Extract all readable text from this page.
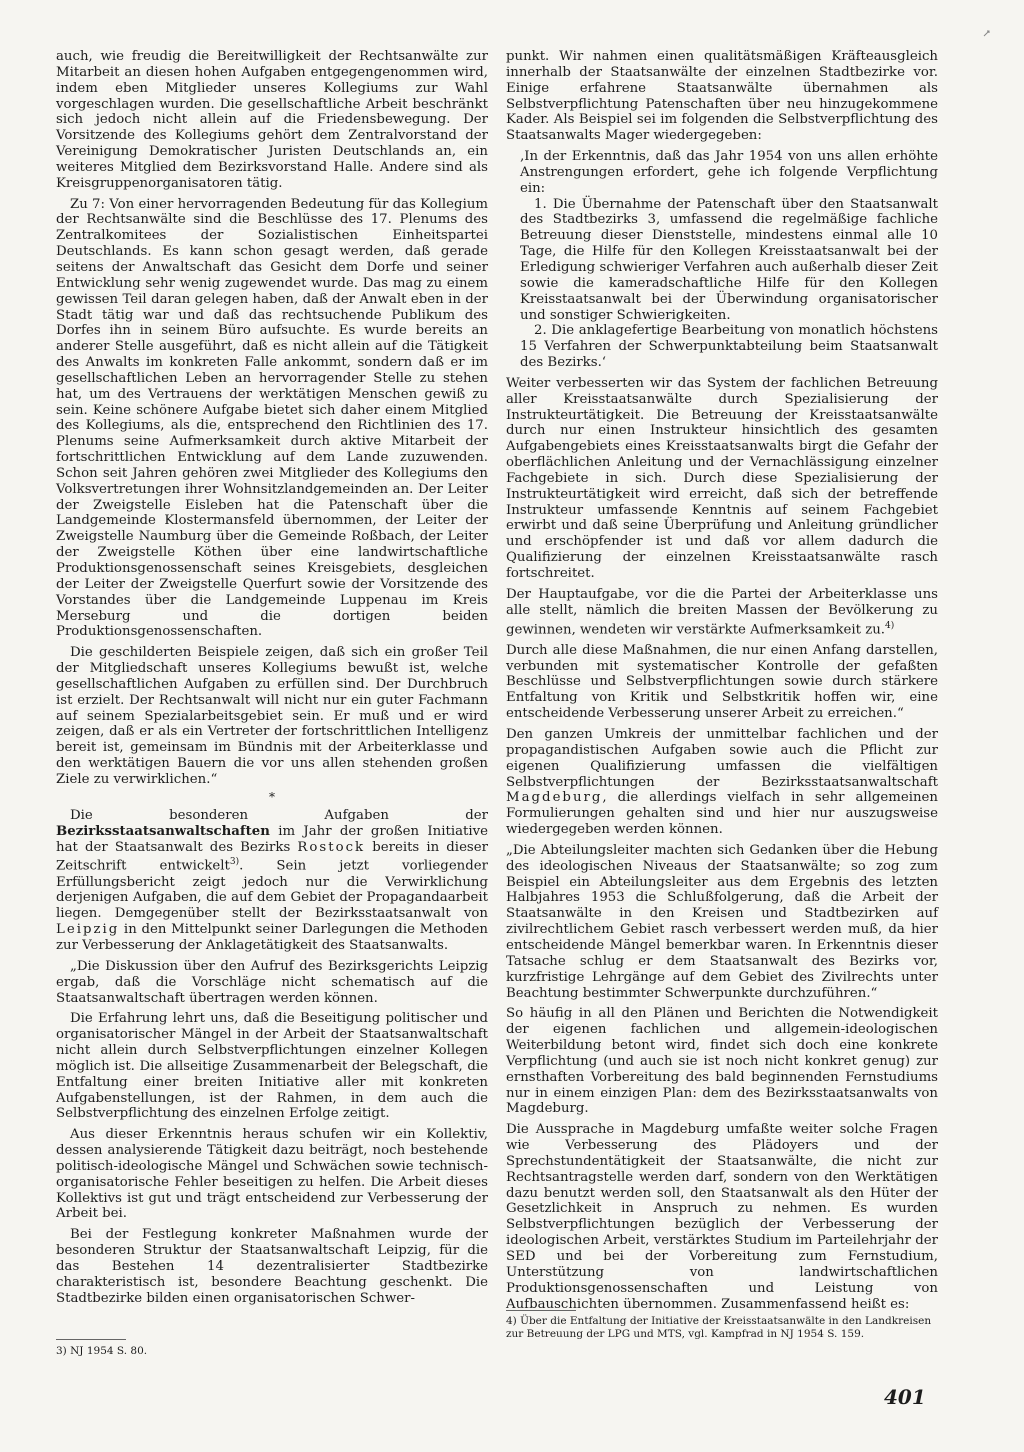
auch, wie freudig die Bereitwilligkeit der Rechtsanwälte zur Mitarbeit an diesen hohen Aufgaben entgegengenommen wird, indem eben Mitglieder unseres Kollegiums zur Wahl vorgeschlagen wurden. Die gesellschaftliche Arbeit beschränkt sich jedoch nicht allein auf die Friedensbewegung. Der Vorsitzende des Kollegiums gehört dem Zentralvorstand der Vereinigung Demokratischer Juristen Deutschlands an, ein weiteres Mitglied dem Bezirksvorstand Halle. Andere sind als Kreisgruppenorganisatoren tätig.

Zu 7: Von einer hervorragenden Bedeutung für das Kollegium der Rechtsanwälte sind die Beschlüsse des 17. Plenums des Zentralkomitees der Sozialistischen Einheitspartei Deutschlands. Es kann schon gesagt werden, daß gerade seitens der Anwaltschaft das Gesicht dem Dorfe und seiner Entwicklung sehr wenig zugewendet wurde. Das mag zu einem gewissen Teil daran gelegen haben, daß der Anwalt eben in der Stadt tätig war und daß das rechtsuchende Publikum des Dorfes ihn in seinem Büro aufsuchte. Es wurde bereits an anderer Stelle ausgeführt, daß es nicht allein auf die Tätigkeit des Anwalts im konkreten Falle ankommt, sondern daß er im gesellschaftlichen Leben an hervorragender Stelle zu stehen hat, um des Vertrauens der werktätigen Menschen gewiß zu sein. Keine schönere Aufgabe bietet sich daher einem Mitglied des Kollegiums, als die, entsprechend den Richtlinien des 17. Plenums seine Aufmerksamkeit durch aktive Mitarbeit der fortschrittlichen Entwicklung auf dem Lande zuzuwenden. Schon seit Jahren gehören zwei Mitglieder des Kollegiums den Volksvertretungen ihrer Wohnsitzlandgemeinden an. Der Leiter der Zweigstelle Eisleben hat die Patenschaft über die Landgemeinde Klostermansfeld übernommen, der Leiter der Zweigstelle Naumburg über die Gemeinde Roßbach, der Leiter der Zweigstelle Köthen über eine landwirtschaftliche Produktionsgenossenschaft seines Kreisgebiets, desgleichen der Leiter der Zweigstelle Querfurt sowie der Vorsitzende des Vorstandes über die Landgemeinde Luppenau im Kreis Merseburg und die dortigen beiden Produktionsgenossenschaften.

Die geschilderten Beispiele zeigen, daß sich ein großer Teil der Mitgliedschaft unseres Kollegiums bewußt ist, welche gesellschaftlichen Aufgaben zu erfüllen sind. Der Durchbruch ist erzielt. Der Rechtsanwalt will nicht nur ein guter Fachmann auf seinem Spezialarbeitsgebiet sein. Er muß und er wird zeigen, daß er als ein Vertreter der fortschrittlichen Intelligenz bereit ist, gemeinsam im Bündnis mit der Arbeiterklasse und den werktätigen Bauern die vor uns allen stehenden großen Ziele zu verwirklichen.“

*

Die besonderen Aufgaben der Bezirksstaatsanwaltschaften im Jahr der großen Initiative hat der Staatsanwalt des Bezirks Rostock bereits in dieser Zeitschrift entwickelt$^{3)}$. Sein jetzt vorliegender Erfüllungsbericht zeigt jedoch nur die Verwirklichung derjenigen Aufgaben, die auf dem Gebiet der Propagandaarbeit liegen. Demgegenüber stellt der Bezirksstaatsanwalt von Leipzig in den Mittelpunkt seiner Darlegungen die Methoden zur Verbesserung der Anklagetätigkeit des Staatsanwalts.

„Die Diskussion über den Aufruf des Bezirksgerichts Leipzig ergab, daß die Vorschläge nicht schematisch auf die Staatsanwaltschaft übertragen werden können.

Die Erfahrung lehrt uns, daß die Beseitigung politischer und organisatorischer Mängel in der Arbeit der Staatsanwaltschaft nicht allein durch Selbstverpflichtungen einzelner Kollegen möglich ist. Die allseitige Zusammenarbeit der Belegschaft, die Entfaltung einer breiten Initiative aller mit konkreten Aufgabenstellungen, ist der Rahmen, in dem auch die Selbstverpflichtung des einzelnen Erfolge zeitigt.

Aus dieser Erkenntnis heraus schufen wir ein Kollektiv, dessen analysierende Tätigkeit dazu beiträgt, noch bestehende politisch-ideologische Mängel und Schwächen sowie technisch-organisatorische Fehler beseitigen zu helfen. Die Arbeit dieses Kollektivs ist gut und trägt entscheidend zur Verbesserung der Arbeit bei.

Bei der Festlegung konkreter Maßnahmen wurde der besonderen Struktur der Staatsanwaltschaft Leipzig, für die das Bestehen 14 dezentralisierter Stadtbezirke charakteristisch ist, besondere Beachtung geschenkt. Die Stadtbezirke bilden einen organisatorischen Schwer-

3) NJ 1954 S. 80.

punkt. Wir nahmen einen qualitätsmäßigen Kräfteausgleich innerhalb der Staatsanwälte der einzelnen Stadtbezirke vor. Einige erfahrene Staatsanwälte übernahmen als Selbstverpflichtung Patenschaften über neu hinzugekommene Kader. Als Beispiel sei im folgenden die Selbstverpflichtung des Staatsanwalts Mager wiedergegeben:

‚In der Erkenntnis, daß das Jahr 1954 von uns allen erhöhte Anstrengungen erfordert, gehe ich folgende Verpflichtung ein:

1. Die Übernahme der Patenschaft über den Staatsanwalt des Stadtbezirks 3, umfassend die regelmäßige fachliche Betreuung dieser Dienststelle, mindestens einmal alle 10 Tage, die Hilfe für den Kollegen Kreisstaatsanwalt bei der Erledigung schwieriger Verfahren auch außerhalb dieser Zeit sowie die kameradschaftliche Hilfe für den Kollegen Kreisstaatsanwalt bei der Überwindung organisatorischer und sonstiger Schwierigkeiten.

2. Die anklagefertige Bearbeitung von monatlich höchstens 15 Verfahren der Schwerpunktabteilung beim Staatsanwalt des Bezirks.‘

Weiter verbesserten wir das System der fachlichen Betreuung aller Kreisstaatsanwälte durch Spezialisierung der Instrukteurtätigkeit. Die Betreuung der Kreisstaatsanwälte durch nur einen Instrukteur hinsichtlich des gesamten Aufgabengebiets eines Kreisstaatsanwalts birgt die Gefahr der oberflächlichen Anleitung und der Vernachlässigung einzelner Fachgebiete in sich. Durch diese Spezialisierung der Instrukteurtätigkeit wird erreicht, daß sich der betreffende Instrukteur umfassende Kenntnis auf seinem Fachgebiet erwirbt und daß seine Überprüfung und Anleitung gründlicher und erschöpfender ist und daß vor allem dadurch die Qualifizierung der einzelnen Kreisstaatsanwälte rasch fortschreitet.

Der Hauptaufgabe, vor die die Partei der Arbeiterklasse uns alle stellt, nämlich die breiten Massen der Bevölkerung zu gewinnen, wendeten wir verstärkte Aufmerksamkeit zu.$^{4)}$

Durch alle diese Maßnahmen, die nur einen Anfang darstellen, verbunden mit systematischer Kontrolle der gefaßten Beschlüsse und Selbstverpflichtungen sowie durch stärkere Entfaltung von Kritik und Selbstkritik hoffen wir, eine entscheidende Verbesserung unserer Arbeit zu erreichen.“

Den ganzen Umkreis der unmittelbar fachlichen und der propagandistischen Aufgaben sowie auch die Pflicht zur eigenen Qualifizierung umfassen die vielfältigen Selbstverpflichtungen der Bezirksstaatsanwaltschaft Magdeburg, die allerdings vielfach in sehr allgemeinen Formulierungen gehalten sind und hier nur auszugsweise wiedergegeben werden können.

„Die Abteilungsleiter machten sich Gedanken über die Hebung des ideologischen Niveaus der Staatsanwälte; so zog zum Beispiel ein Abteilungsleiter aus dem Ergebnis des letzten Halbjahres 1953 die Schlußfolgerung, daß die Arbeit der Staatsanwälte in den Kreisen und Stadtbezirken auf zivilrechtlichem Gebiet rasch verbessert werden muß, da hier entscheidende Mängel bemerkbar waren. In Erkenntnis dieser Tatsache schlug er dem Staatsanwalt des Bezirks vor, kurzfristige Lehrgänge auf dem Gebiet des Zivilrechts unter Beachtung bestimmter Schwerpunkte durchzuführen.“

So häufig in all den Plänen und Berichten die Notwendigkeit der eigenen fachlichen und allgemein-ideologischen Weiterbildung betont wird, findet sich doch eine konkrete Verpflichtung (und auch sie ist noch nicht konkret genug) zur ernsthaften Vorbereitung des bald beginnenden Fernstudiums nur in einem einzigen Plan: dem des Bezirksstaatsanwalts von Magdeburg.

Die Aussprache in Magdeburg umfaßte weiter solche Fragen wie Verbesserung des Plädoyers und der Sprechstundentätigkeit der Staatsanwälte, die nicht zur Rechtsantragstelle werden darf, sondern von den Werktätigen dazu benutzt werden soll, den Staatsanwalt als den Hüter der Gesetzlichkeit in Anspruch zu nehmen. Es wurden Selbstverpflichtungen bezüglich der Verbesserung der ideologischen Arbeit, verstärktes Studium im Parteilehrjahr der SED und bei der Vorbereitung zum Fernstudium, Unterstützung von landwirtschaftlichen Produktionsgenossenschaften und Leistung von Aufbauschichten übernommen. Zusammenfassend heißt es:

4) Über die Entfaltung der Initiative der Kreisstaatsanwälte in den Landkreisen zur Betreuung der LPG und MTS, vgl. Kampfrad in NJ 1954 S. 159.

401
